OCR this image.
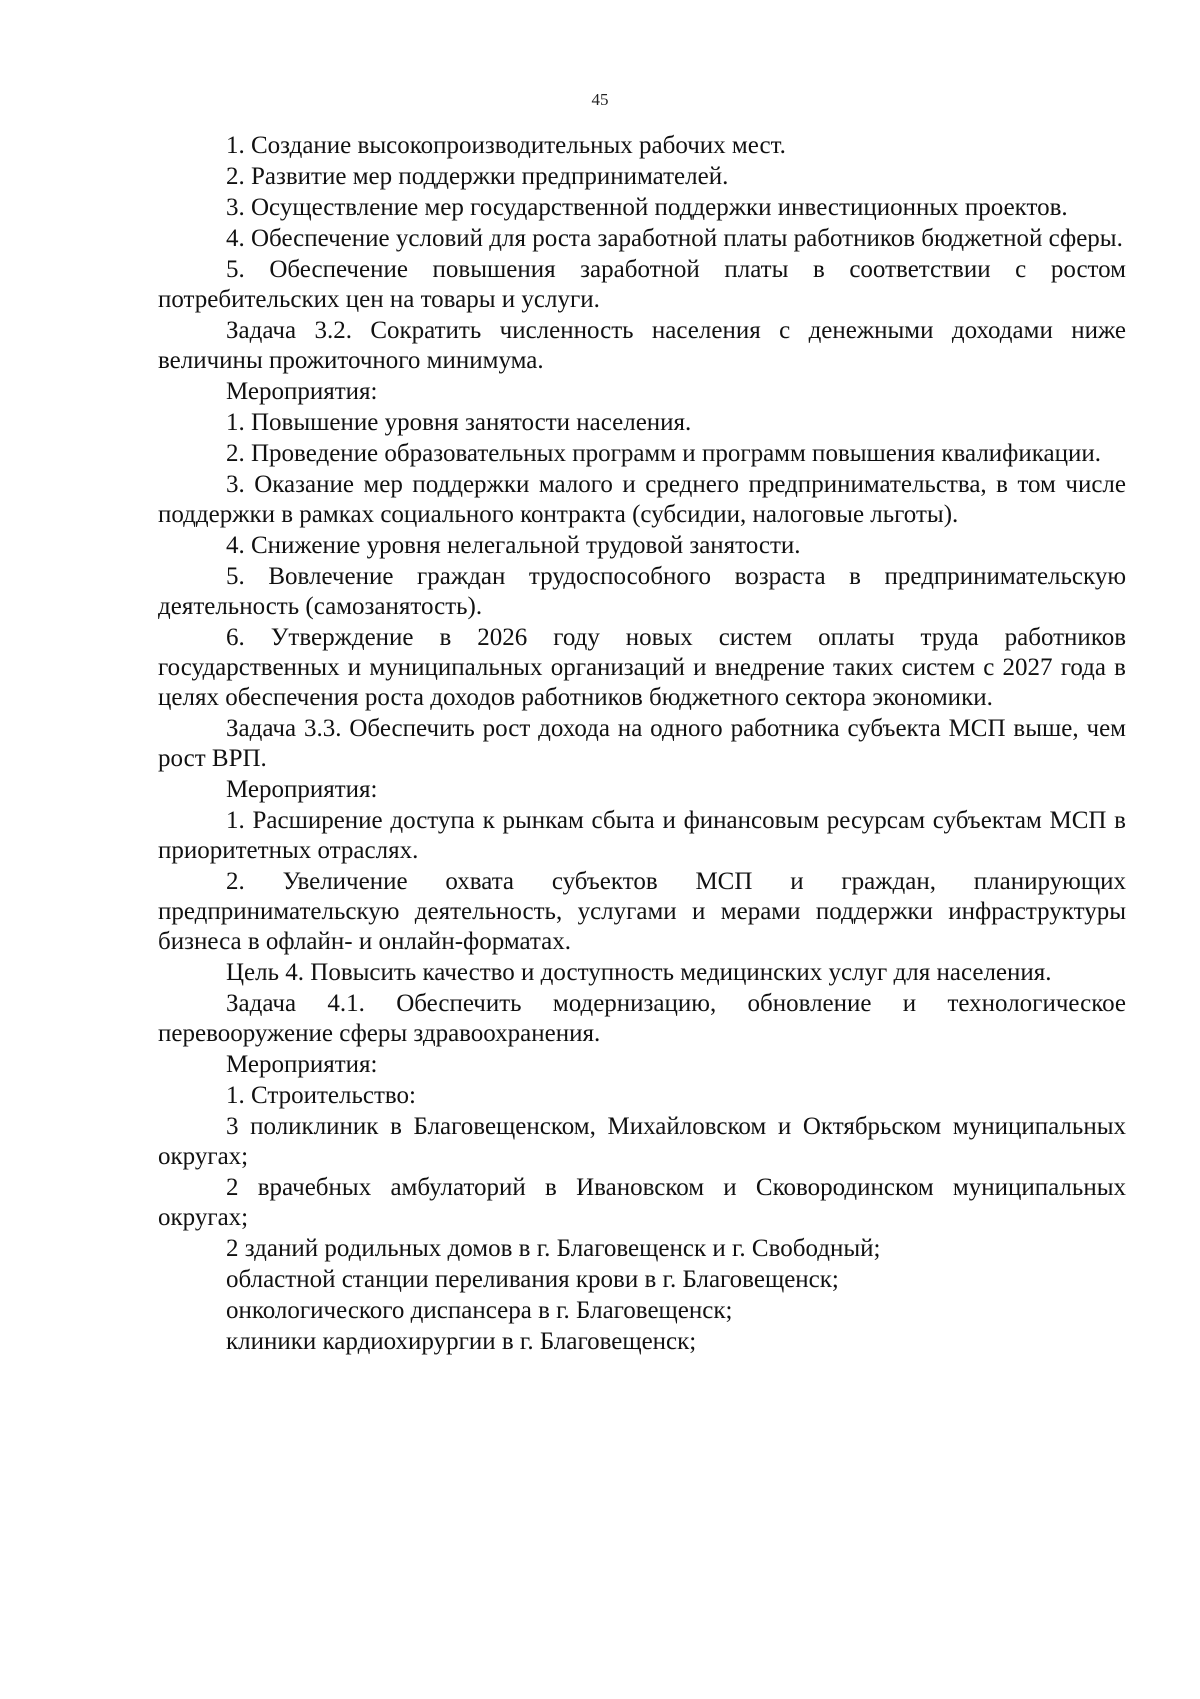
45

1. Создание высокопроизводительных рабочих мест.

2. Развитие мер поддержки предпринимателей.

3. Осуществление мер государственной поддержки инвестиционных проектов.

4. Обеспечение условий для роста заработной платы работников бюджетной сферы.

5. Обеспечение повышения заработной платы в соответствии с ростом потребительских цен на товары и услуги.

Задача 3.2. Сократить численность населения с денежными доходами ниже величины прожиточного минимума.

Мероприятия:

1. Повышение уровня занятости населения.

2. Проведение образовательных программ и программ повышения квалификации.

3. Оказание мер поддержки малого и среднего предпринимательства, в том числе поддержки в рамках социального контракта (субсидии, налоговые льготы).

4. Снижение уровня нелегальной трудовой занятости.

5. Вовлечение граждан трудоспособного возраста в предпринимательскую деятельность (самозанятость).

6. Утверждение в 2026 году новых систем оплаты труда работников государственных и муниципальных организаций и внедрение таких систем с 2027 года в целях обеспечения роста доходов работников бюджетного сектора экономики.

Задача 3.3. Обеспечить рост дохода на одного работника субъекта МСП выше, чем рост ВРП.

Мероприятия:

1. Расширение доступа к рынкам сбыта и финансовым ресурсам субъектам МСП в приоритетных отраслях.

2. Увеличение охвата субъектов МСП и граждан, планирующих предпринимательскую деятельность, услугами и мерами поддержки инфраструктуры бизнеса в офлайн- и онлайн-форматах.

Цель 4. Повысить качество и доступность медицинских услуг для населения.

Задача 4.1. Обеспечить модернизацию, обновление и технологическое перевооружение сферы здравоохранения.

Мероприятия:

1. Строительство:

3 поликлиник в Благовещенском, Михайловском и Октябрьском муниципальных округах;

2 врачебных амбулаторий в Ивановском и Сковородинском муниципальных округах;

2 зданий родильных домов в г. Благовещенск и г. Свободный;

областной станции переливания крови в г. Благовещенск;

онкологического диспансера в г. Благовещенск;

клиники кардиохирургии в г. Благовещенск;
